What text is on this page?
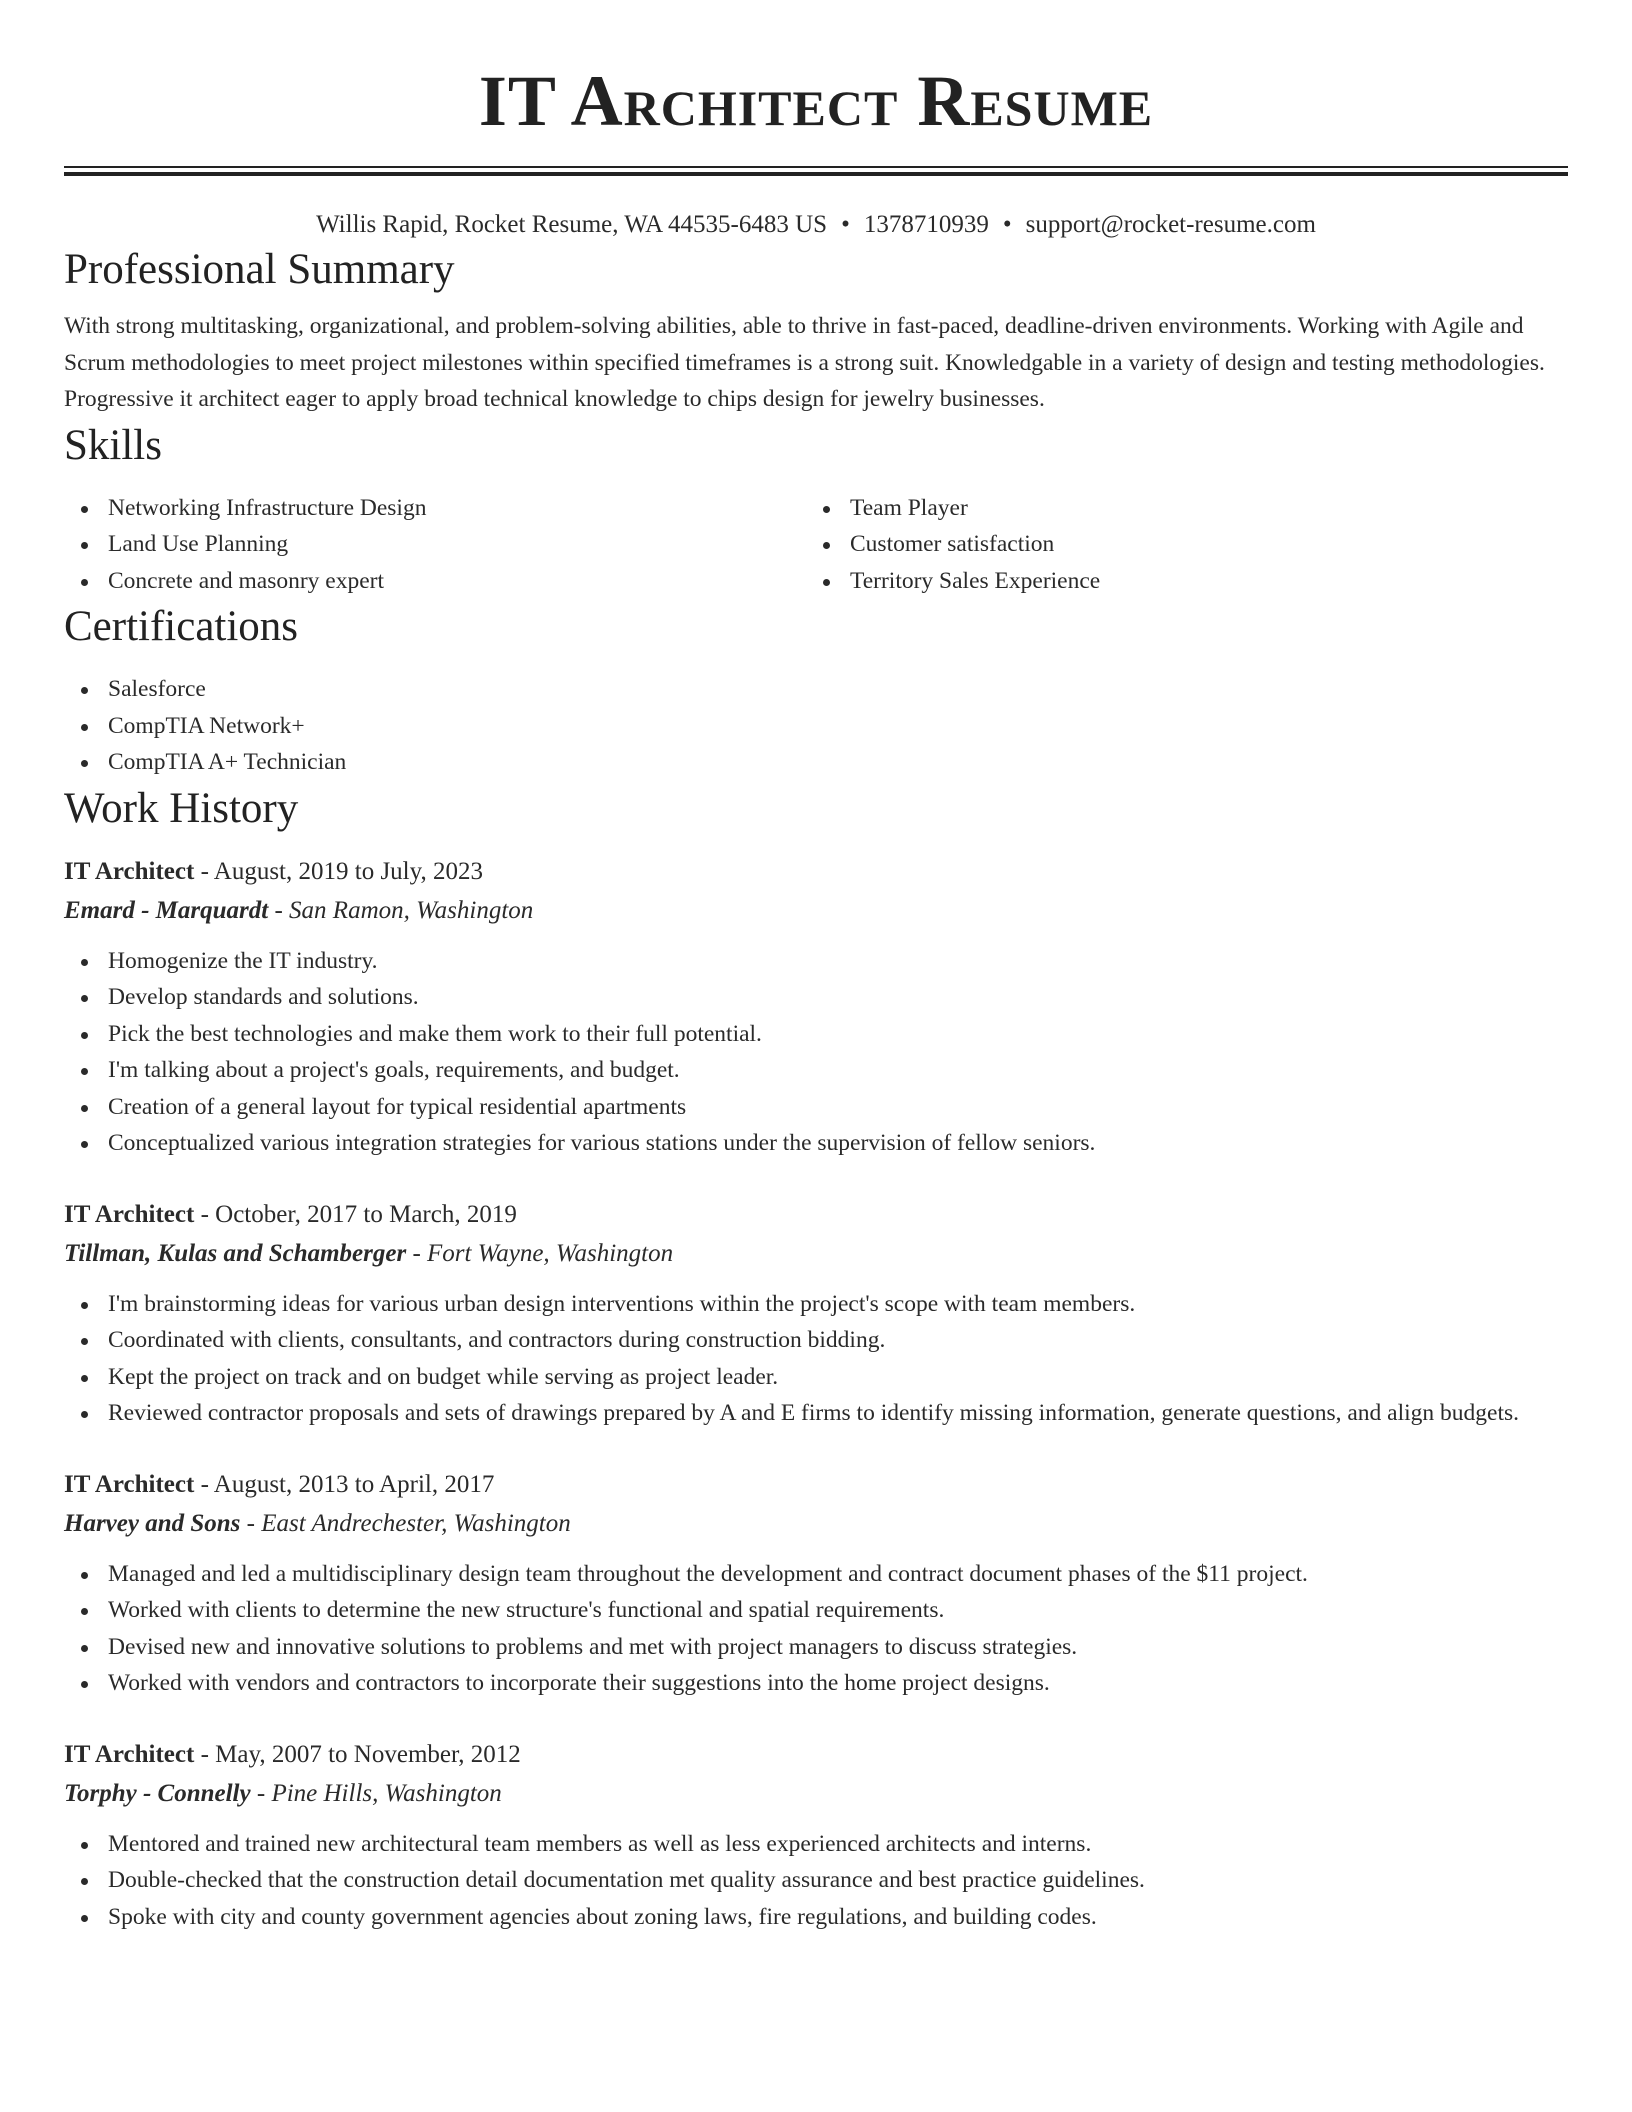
IT Architect Resume
Willis Rapid, Rocket Resume, WA 44535-6483 US • 1378710939 • support@rocket-resume.com
Professional Summary

With strong multitasking, organizational, and problem-solving abilities, able to thrive in fast-paced, deadline-driven environments. Working with Agile and Scrum methodologies to meet project milestones within specified timeframes is a strong suit. Knowledgable in a variety of design and testing methodologies. Progressive it architect eager to apply broad technical knowledge to chips design for jewelry businesses.

Skills
Networking Infrastructure Design
Land Use Planning
Concrete and masonry expert
Team Player
Customer satisfaction
Territory Sales Experience
Certifications
Salesforce
CompTIA Network+
CompTIA A+ Technician
Work History
IT Architect - August, 2019 to July, 2023
Emard - Marquardt - San Ramon, Washington
Homogenize the IT industry.
Develop standards and solutions.
Pick the best technologies and make them work to their full potential.
I'm talking about a project's goals, requirements, and budget.
Creation of a general layout for typical residential apartments
Conceptualized various integration strategies for various stations under the supervision of fellow seniors.
IT Architect - October, 2017 to March, 2019
Tillman, Kulas and Schamberger - Fort Wayne, Washington
I'm brainstorming ideas for various urban design interventions within the project's scope with team members.
Coordinated with clients, consultants, and contractors during construction bidding.
Kept the project on track and on budget while serving as project leader.
Reviewed contractor proposals and sets of drawings prepared by A and E firms to identify missing information, generate questions, and align budgets.
IT Architect - August, 2013 to April, 2017
Harvey and Sons - East Andrechester, Washington
Managed and led a multidisciplinary design team throughout the development and contract document phases of the $11 project.
Worked with clients to determine the new structure's functional and spatial requirements.
Devised new and innovative solutions to problems and met with project managers to discuss strategies.
Worked with vendors and contractors to incorporate their suggestions into the home project designs.
IT Architect - May, 2007 to November, 2012
Torphy - Connelly - Pine Hills, Washington
Mentored and trained new architectural team members as well as less experienced architects and interns.
Double-checked that the construction detail documentation met quality assurance and best practice guidelines.
Spoke with city and county government agencies about zoning laws, fire regulations, and building codes.
